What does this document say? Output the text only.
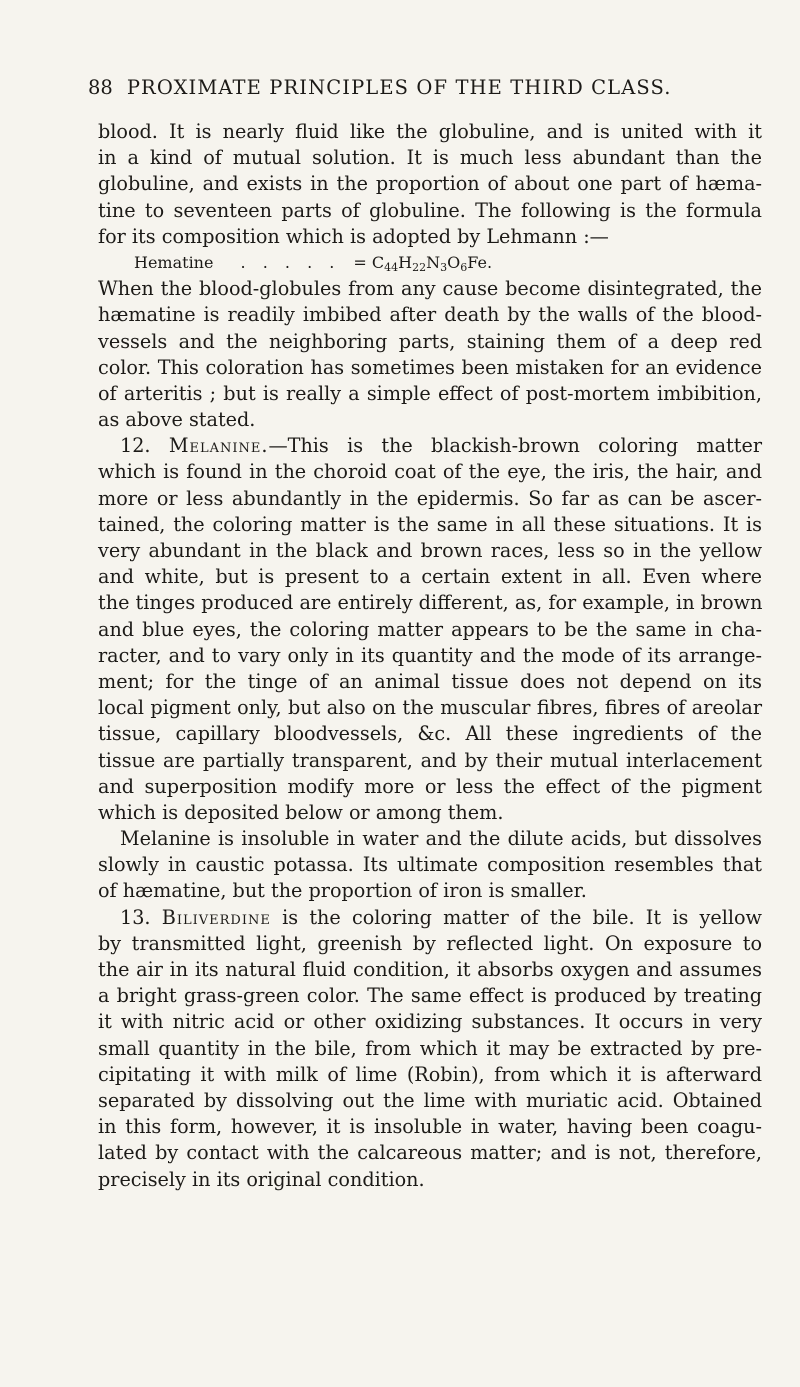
88 PROXIMATE PRINCIPLES OF THE THIRD CLASS.
blood. It is nearly fluid like the globuline, and is united with it
in a kind of mutual solution. It is much less abundant than the
globuline, and exists in the proportion of about one part of hæma-
tine to seventeen parts of globuline. The following is the formula
for its composition which is adopted by Lehmann :—
Hematine . . . . . = $C_{44}H_{22}N_3O_6Fe$.
When the blood-globules from any cause become disintegrated, the
hæmatine is readily imbibed after death by the walls of the blood-
vessels and the neighboring parts, staining them of a deep red
color. This coloration has sometimes been mistaken for an evidence
of arteritis ; but is really a simple effect of post-mortem imbibition,
as above stated.
12. Melanine.—This is the blackish-brown coloring matter
which is found in the choroid coat of the eye, the iris, the hair, and
more or less abundantly in the epidermis. So far as can be ascer-
tained, the coloring matter is the same in all these situations. It is
very abundant in the black and brown races, less so in the yellow
and white, but is present to a certain extent in all. Even where
the tinges produced are entirely different, as, for example, in brown
and blue eyes, the coloring matter appears to be the same in cha-
racter, and to vary only in its quantity and the mode of its arrange-
ment; for the tinge of an animal tissue does not depend on its
local pigment only, but also on the muscular fibres, fibres of areolar
tissue, capillary bloodvessels, &c. All these ingredients of the
tissue are partially transparent, and by their mutual interlacement
and superposition modify more or less the effect of the pigment
which is deposited below or among them.
Melanine is insoluble in water and the dilute acids, but dissolves
slowly in caustic potassa. Its ultimate composition resembles that
of hæmatine, but the proportion of iron is smaller.
13. Biliverdine is the coloring matter of the bile. It is yellow
by transmitted light, greenish by reflected light. On exposure to
the air in its natural fluid condition, it absorbs oxygen and assumes
a bright grass-green color. The same effect is produced by treating
it with nitric acid or other oxidizing substances. It occurs in very
small quantity in the bile, from which it may be extracted by pre-
cipitating it with milk of lime (Robin), from which it is afterward
separated by dissolving out the lime with muriatic acid. Obtained
in this form, however, it is insoluble in water, having been coagu-
lated by contact with the calcareous matter; and is not, therefore,
precisely in its original condition.
